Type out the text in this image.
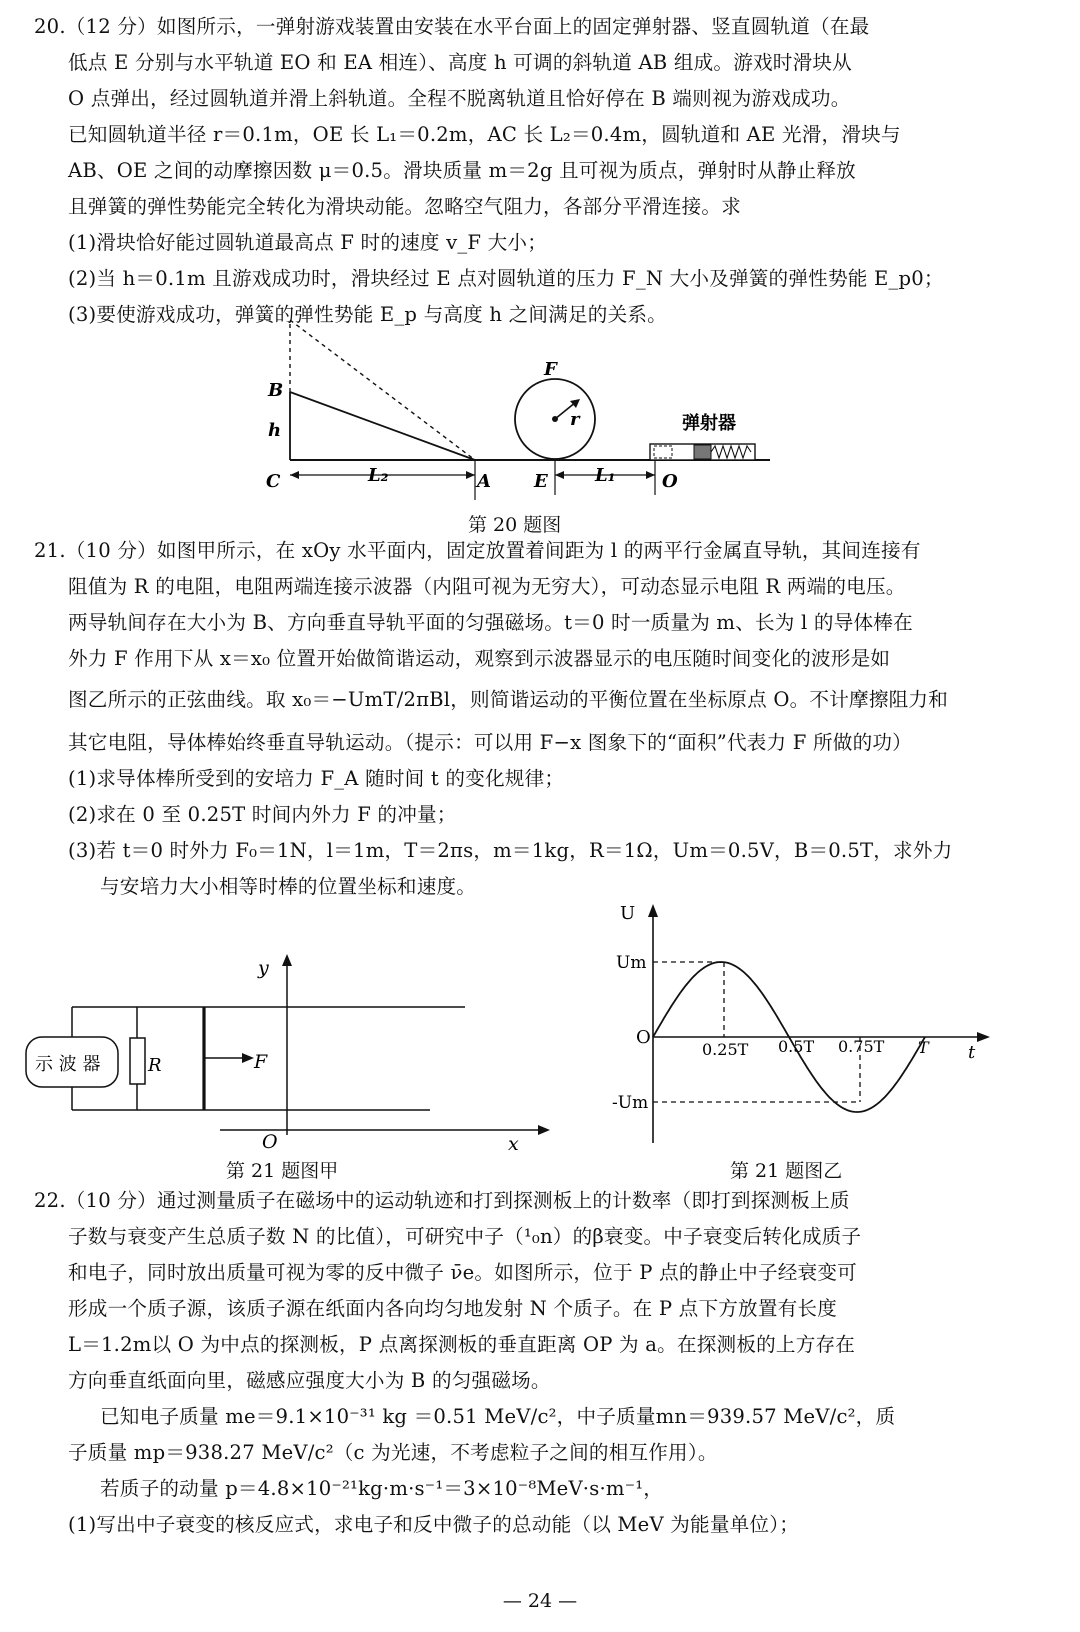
20.（12 分）如图所示，一弹射游戏装置由安装在水平台面上的固定弹射器、竖直圆轨道（在最
低点 E 分别与水平轨道 EO 和 EA 相连）、高度 h 可调的斜轨道 AB 组成。游戏时滑块从
O 点弹出，经过圆轨道并滑上斜轨道。全程不脱离轨道且恰好停在 B 端则视为游戏成功。
已知圆轨道半径 r＝0.1m，OE 长 L₁＝0.2m，AC 长 L₂＝0.4m，圆轨道和 AE 光滑，滑块与
AB、OE 之间的动摩擦因数 μ＝0.5。滑块质量 m＝2g 且可视为质点，弹射时从静止释放
且弹簧的弹性势能完全转化为滑块动能。忽略空气阻力，各部分平滑连接。求
(1)滑块恰好能过圆轨道最高点 F 时的速度 v_F 大小；
(2)当 h＝0.1m 且游戏成功时，滑块经过 E 点对圆轨道的压力 F_N 大小及弹簧的弹性势能 E_p0；
(3)要使游戏成功，弹簧的弹性势能 E_p 与高度 h 之间满足的关系。
B
h
C	L₂	A
F
r
E	L₁	O
弹射器
第 20 题图
21.（10 分）如图甲所示，在 xOy 水平面内，固定放置着间距为 l 的两平行金属直导轨，其间连接有
阻值为 R 的电阻，电阻两端连接示波器（内阻可视为无穷大），可动态显示电阻 R 两端的电压。
两导轨间存在大小为 B、方向垂直导轨平面的匀强磁场。t＝0 时一质量为 m、长为 l 的导体棒在
外力 F 作用下从 x＝x₀ 位置开始做简谐运动，观察到示波器显示的电压随时间变化的波形是如
图乙所示的正弦曲线。取 x₀＝−UmT/2πBl，则简谐运动的平衡位置在坐标原点 O。不计摩擦阻力和
其它电阻，导体棒始终垂直导轨运动。（提示：可以用 F−x 图象下的“面积”代表力 F 所做的功）
(1)求导体棒所受到的安培力 F_A 随时间 t 的变化规律；
(2)求在 0 至 0.25T 时间内外力 F 的冲量；
(3)若 t＝0 时外力 F₀＝1N，l＝1m，T＝2πs，m＝1kg，R＝1Ω，Um＝0.5V，B＝0.5T，求外力
与安培力大小相等时棒的位置坐标和速度。
示 波 器	R	F
y
x
O
第 21 题图甲
U
Um
-Um
O
t
0.25T 0.5T 0.75T T
第 21 题图乙
22.（10 分）通过测量质子在磁场中的运动轨迹和打到探测板上的计数率（即打到探测板上质
子数与衰变产生总质子数 N 的比值），可研究中子（¹₀n）的β衰变。中子衰变后转化成质子
和电子，同时放出质量可视为零的反中微子 ν̄e。如图所示，位于 P 点的静止中子经衰变可
形成一个质子源，该质子源在纸面内各向均匀地发射 N 个质子。在 P 点下方放置有长度
L＝1.2m以 O 为中点的探测板，P 点离探测板的垂直距离 OP 为 a。在探测板的上方存在
方向垂直纸面向里，磁感应强度大小为 B 的匀强磁场。
已知电子质量 me＝9.1×10⁻³¹ kg ＝0.51 MeV/c²，中子质量mn＝939.57 MeV/c²，质
子质量 mp＝938.27 MeV/c²（c 为光速，不考虑粒子之间的相互作用）。
若质子的动量 p＝4.8×10⁻²¹kg·m·s⁻¹＝3×10⁻⁸MeV·s·m⁻¹，
(1)写出中子衰变的核反应式，求电子和反中微子的总动能（以 MeV 为能量单位）；
— 24 —
